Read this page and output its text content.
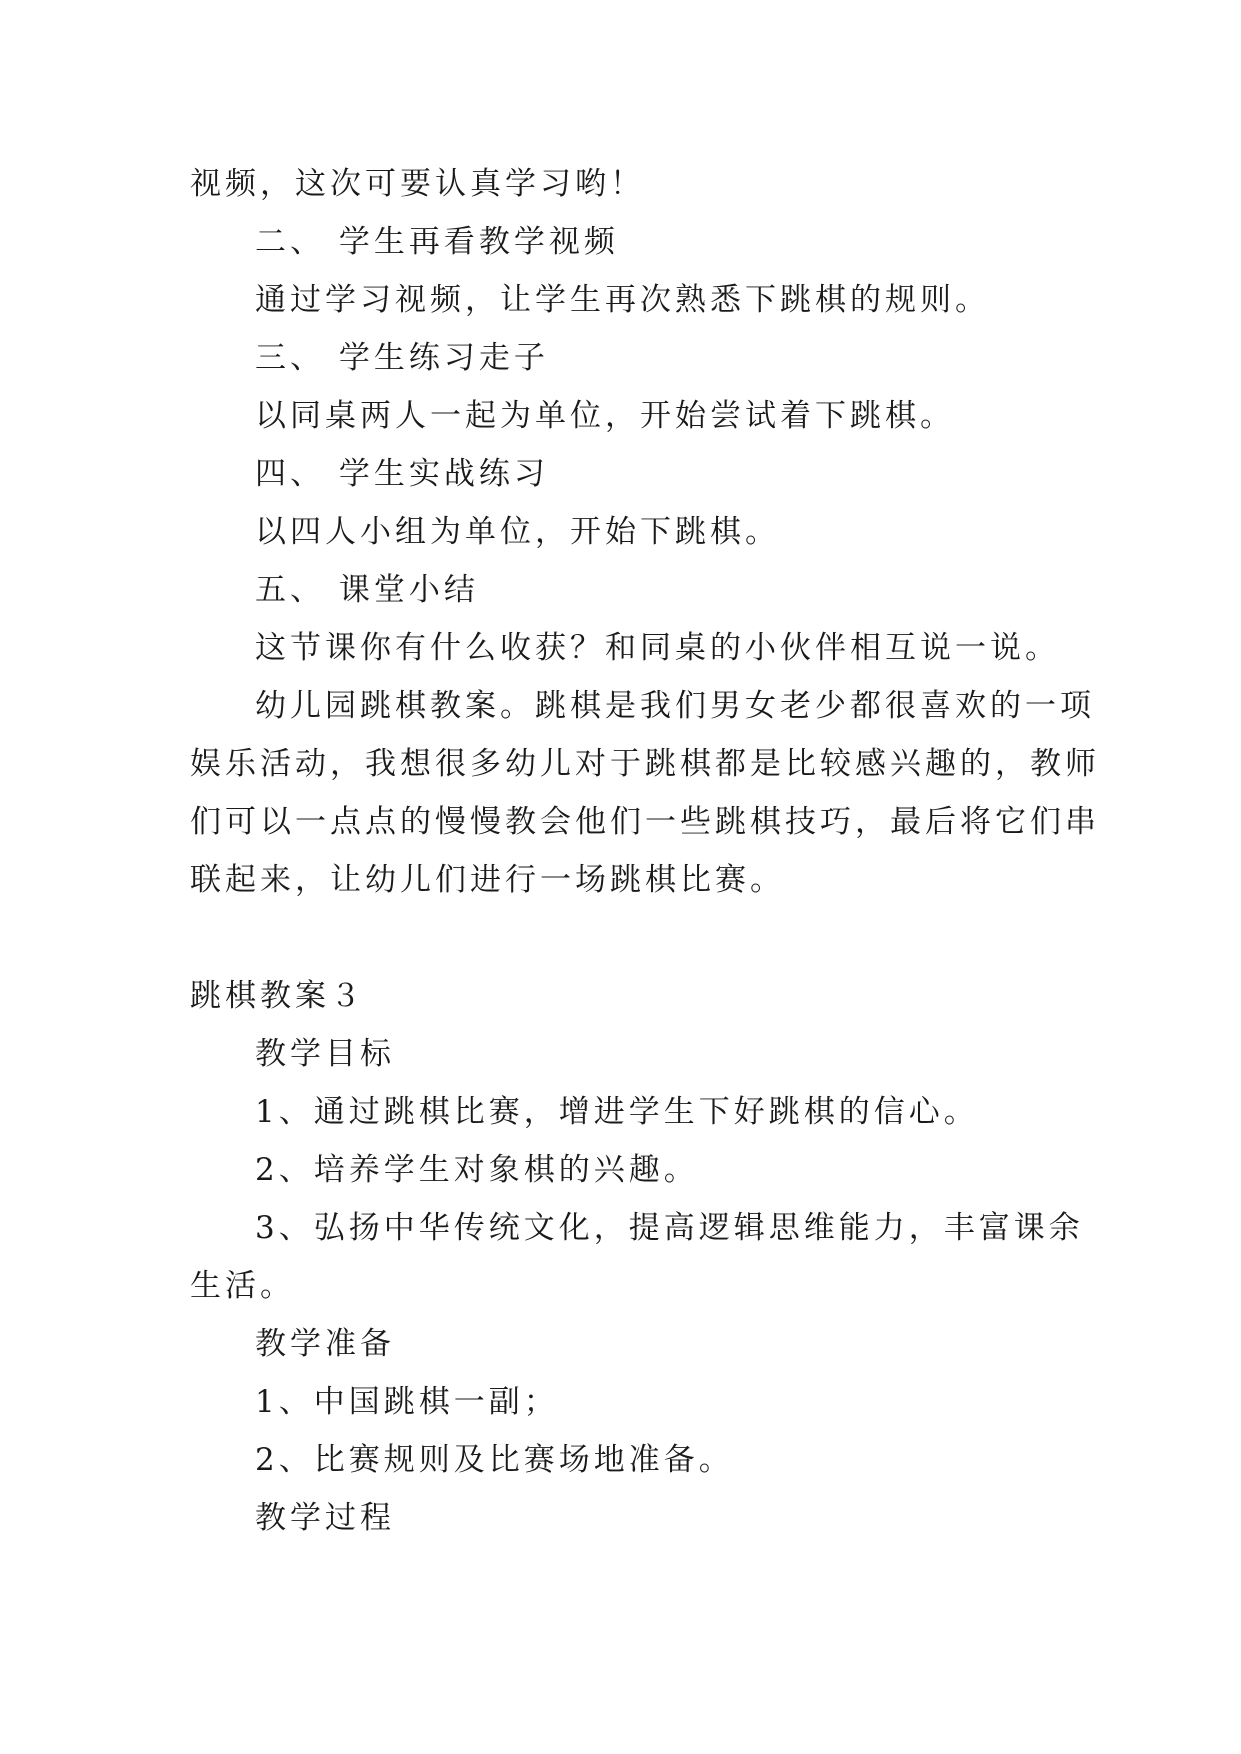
视频，这次可要认真学习哟！
二、 学生再看教学视频
通过学习视频，让学生再次熟悉下跳棋的规则。
三、 学生练习走子
以同桌两人一起为单位，开始尝试着下跳棋。
四、 学生实战练习
以四人小组为单位，开始下跳棋。
五、 课堂小结
这节课你有什么收获？和同桌的小伙伴相互说一说。
幼儿园跳棋教案。跳棋是我们男女老少都很喜欢的一项
娱乐活动，我想很多幼儿对于跳棋都是比较感兴趣的，教师
们可以一点点的慢慢教会他们一些跳棋技巧，最后将它们串
联起来，让幼儿们进行一场跳棋比赛。
跳棋教案３
教学目标
1、通过跳棋比赛，增进学生下好跳棋的信心。
2、培养学生对象棋的兴趣。
3、弘扬中华传统文化，提高逻辑思维能力，丰富课余
生活。
教学准备
1、中国跳棋一副；
2、比赛规则及比赛场地准备。
教学过程
